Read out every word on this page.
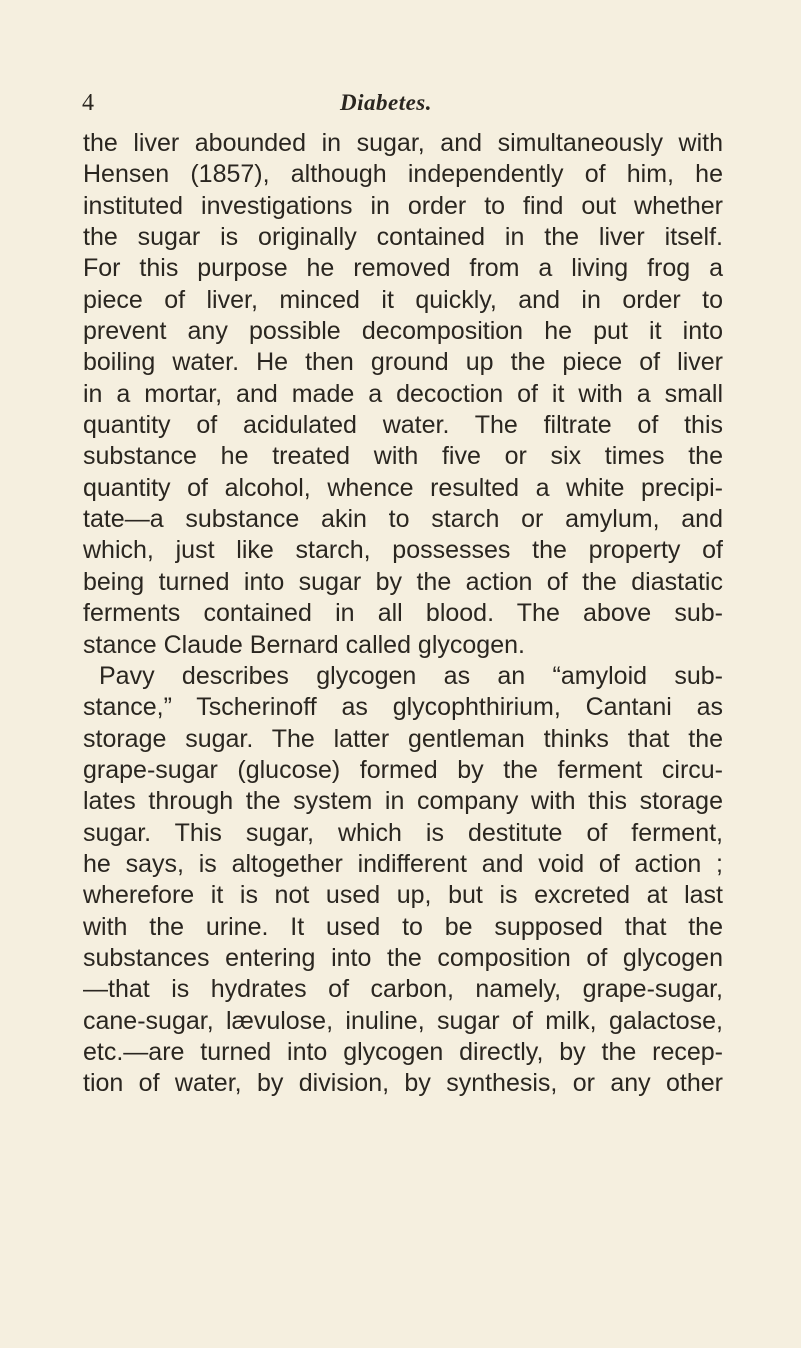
4	Diabetes.
the liver abounded in sugar, and simultaneously with
Hensen (1857), although independently of him, he
instituted investigations in order to find out whether
the sugar is originally contained in the liver itself.
For this purpose he removed from a living frog a
piece of liver, minced it quickly, and in order to
prevent any possible decomposition he put it into
boiling water. He then ground up the piece of liver
in a mortar, and made a decoction of it with a small
quantity of acidulated water. The filtrate of this
substance he treated with five or six times the
quantity of alcohol, whence resulted a white precipi-
tate—a substance akin to starch or amylum, and
which, just like starch, possesses the property of
being turned into sugar by the action of the diastatic
ferments contained in all blood. The above sub-
stance Claude Bernard called glycogen.
Pavy describes glycogen as an “amyloid sub-
stance,” Tscherinoff as glycophthirium, Cantani as
storage sugar. The latter gentleman thinks that the
grape-sugar (glucose) formed by the ferment circu-
lates through the system in company with this storage
sugar. This sugar, which is destitute of ferment,
he says, is altogether indifferent and void of action ;
wherefore it is not used up, but is excreted at last
with the urine. It used to be supposed that the
substances entering into the composition of glycogen
—that is hydrates of carbon, namely, grape-sugar,
cane-sugar, lævulose, inuline, sugar of milk, galactose,
etc.—are turned into glycogen directly, by the recep-
tion of water, by division, by synthesis, or any other
